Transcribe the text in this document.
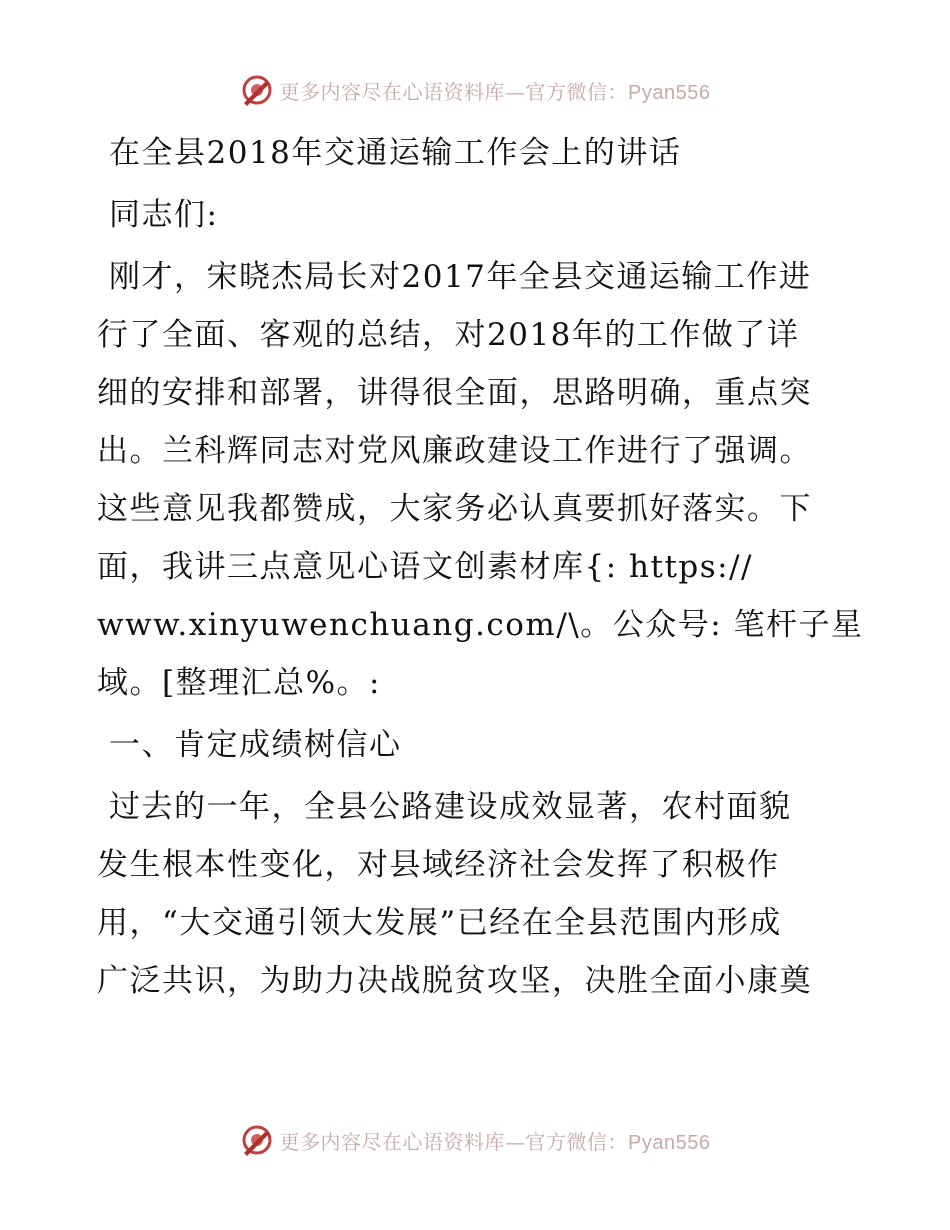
更多内容尽在心语资料库—官方微信：Pyan556
在全县2018年交通运输工作会上的讲话
同志们:
刚才，宋晓杰局长对2017年全县交通运输工作进
行了全面、客观的总结，对2018年的工作做了详
细的安排和部署，讲得很全面，思路明确，重点突
出。兰科辉同志对党风廉政建设工作进行了强调。
这些意见我都赞成，大家务必认真要抓好落实。下
面，我讲三点意见心语文创素材库{: https://
www.xinyuwenchuang.com/\。公众号: 笔杆子星
域。[整理汇总%。:
一、肯定成绩树信心
过去的一年，全县公路建设成效显著，农村面貌
发生根本性变化，对县域经济社会发挥了积极作
用，“大交通引领大发展”已经在全县范围内形成
广泛共识，为助力决战脱贫攻坚，决胜全面小康奠
更多内容尽在心语资料库—官方微信：Pyan556
